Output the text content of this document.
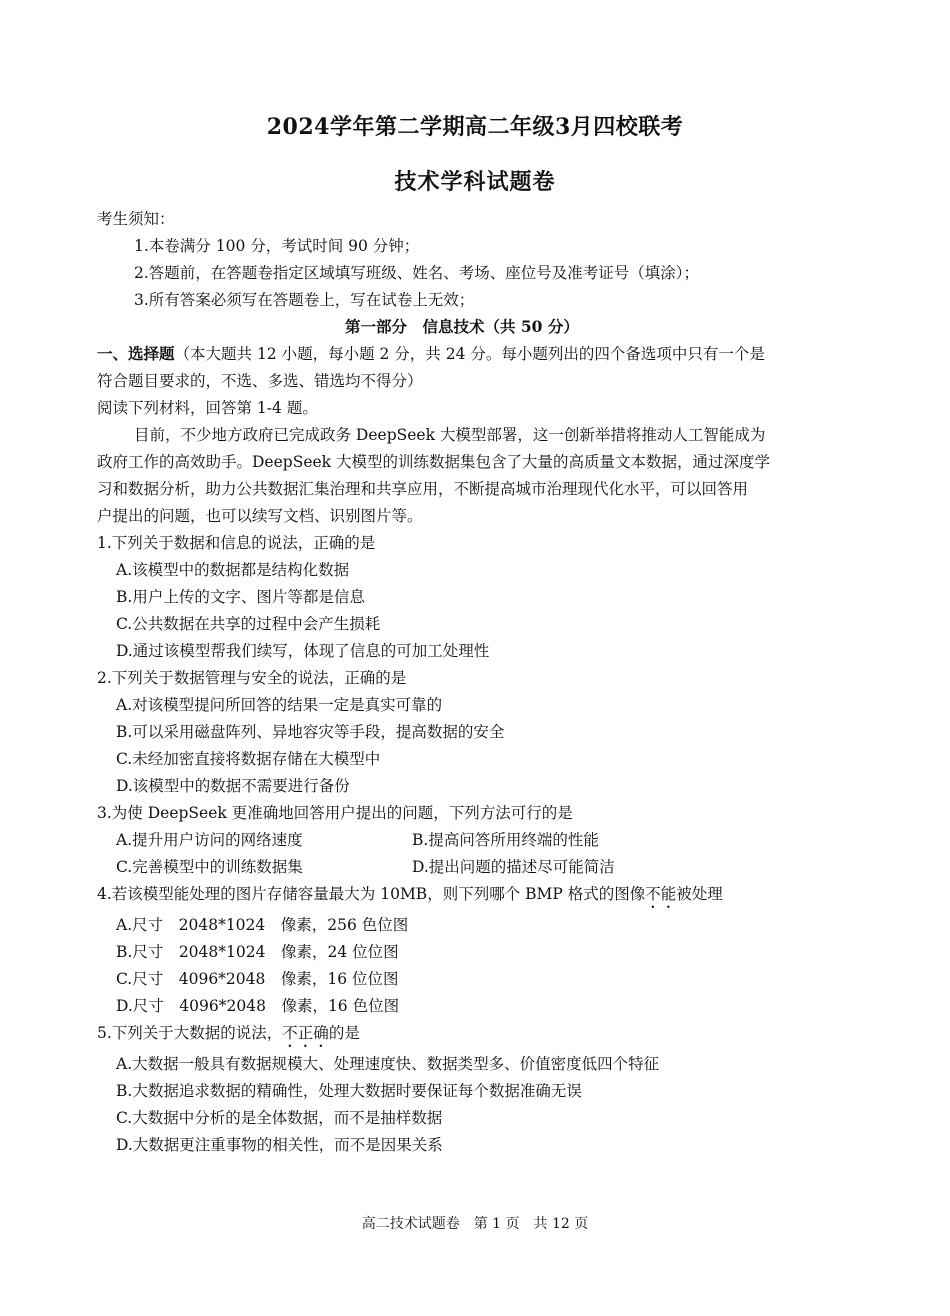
2024学年第二学期高二年级3月四校联考
技术学科试题卷
考生须知：
1.本卷满分 100 分，考试时间 90 分钟；
2.答题前，在答题卷指定区域填写班级、姓名、考场、座位号及准考证号（填涂）；
3.所有答案必须写在答题卷上，写在试卷上无效；
第一部分　信息技术（共 50 分）
一、选择题（本大题共 12 小题，每小题 2 分，共 24 分。每小题列出的四个备选项中只有一个是
符合题目要求的，不选、多选、错选均不得分）
阅读下列材料，回答第 1-4 题。
目前，不少地方政府已完成政务 DeepSeek 大模型部署，这一创新举措将推动人工智能成为
政府工作的高效助手。DeepSeek 大模型的训练数据集包含了大量的高质量文本数据，通过深度学
习和数据分析，助力公共数据汇集治理和共享应用，不断提高城市治理现代化水平，可以回答用
户提出的问题，也可以续写文档、识别图片等。
1.下列关于数据和信息的说法，正确的是
A.该模型中的数据都是结构化数据
B.用户上传的文字、图片等都是信息
C.公共数据在共享的过程中会产生损耗
D.通过该模型帮我们续写，体现了信息的可加工处理性
2.下列关于数据管理与安全的说法，正确的是
A.对该模型提问所回答的结果一定是真实可靠的
B.可以采用磁盘阵列、异地容灾等手段，提高数据的安全
C.未经加密直接将数据存储在大模型中
D.该模型中的数据不需要进行备份
3.为使 DeepSeek 更准确地回答用户提出的问题，下列方法可行的是
A.提升用户访问的网络速度	B.提高问答所用终端的性能
C.完善模型中的训练数据集	D.提出问题的描述尽可能简洁
4.若该模型能处理的图片存储容量最大为 10MB，则下列哪个 BMP 格式的图像不能被处理
A.尺寸　2048*1024　像素，256 色位图
B.尺寸　2048*1024　像素，24 位位图
C.尺寸　4096*2048　像素，16 位位图
D.尺寸　4096*2048　像素，16 色位图
5.下列关于大数据的说法，不正确的是
A.大数据一般具有数据规模大、处理速度快、数据类型多、价值密度低四个特征
B.大数据追求数据的精确性，处理大数据时要保证每个数据准确无误
C.大数据中分析的是全体数据，而不是抽样数据
D.大数据更注重事物的相关性，而不是因果关系
高二技术试题卷　第 1 页　共 12 页
